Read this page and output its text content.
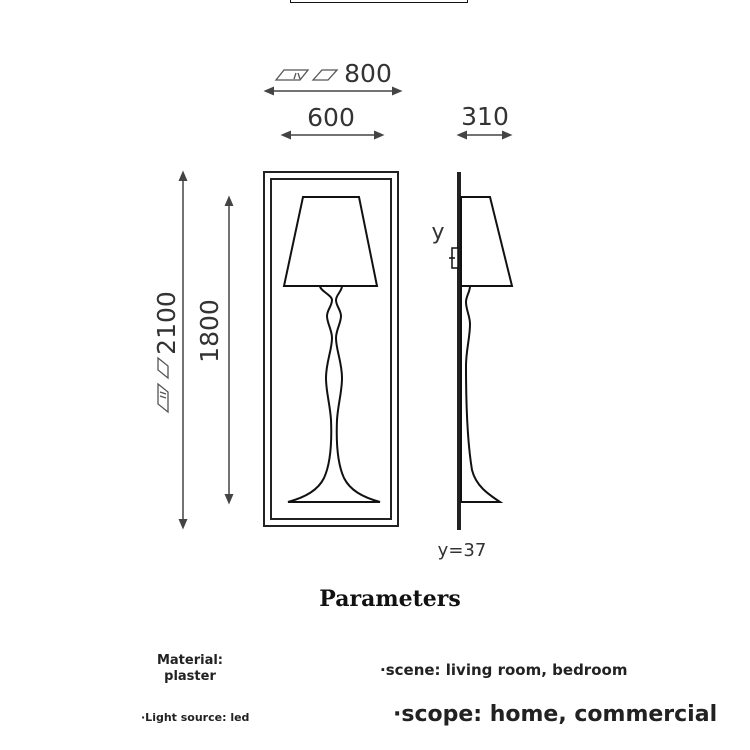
800
600	310
2100 1800
y
y=37
Parameters
Material:
plaster	·scene: living room, bedroom
·Light source: led	·scope: home, commercial
